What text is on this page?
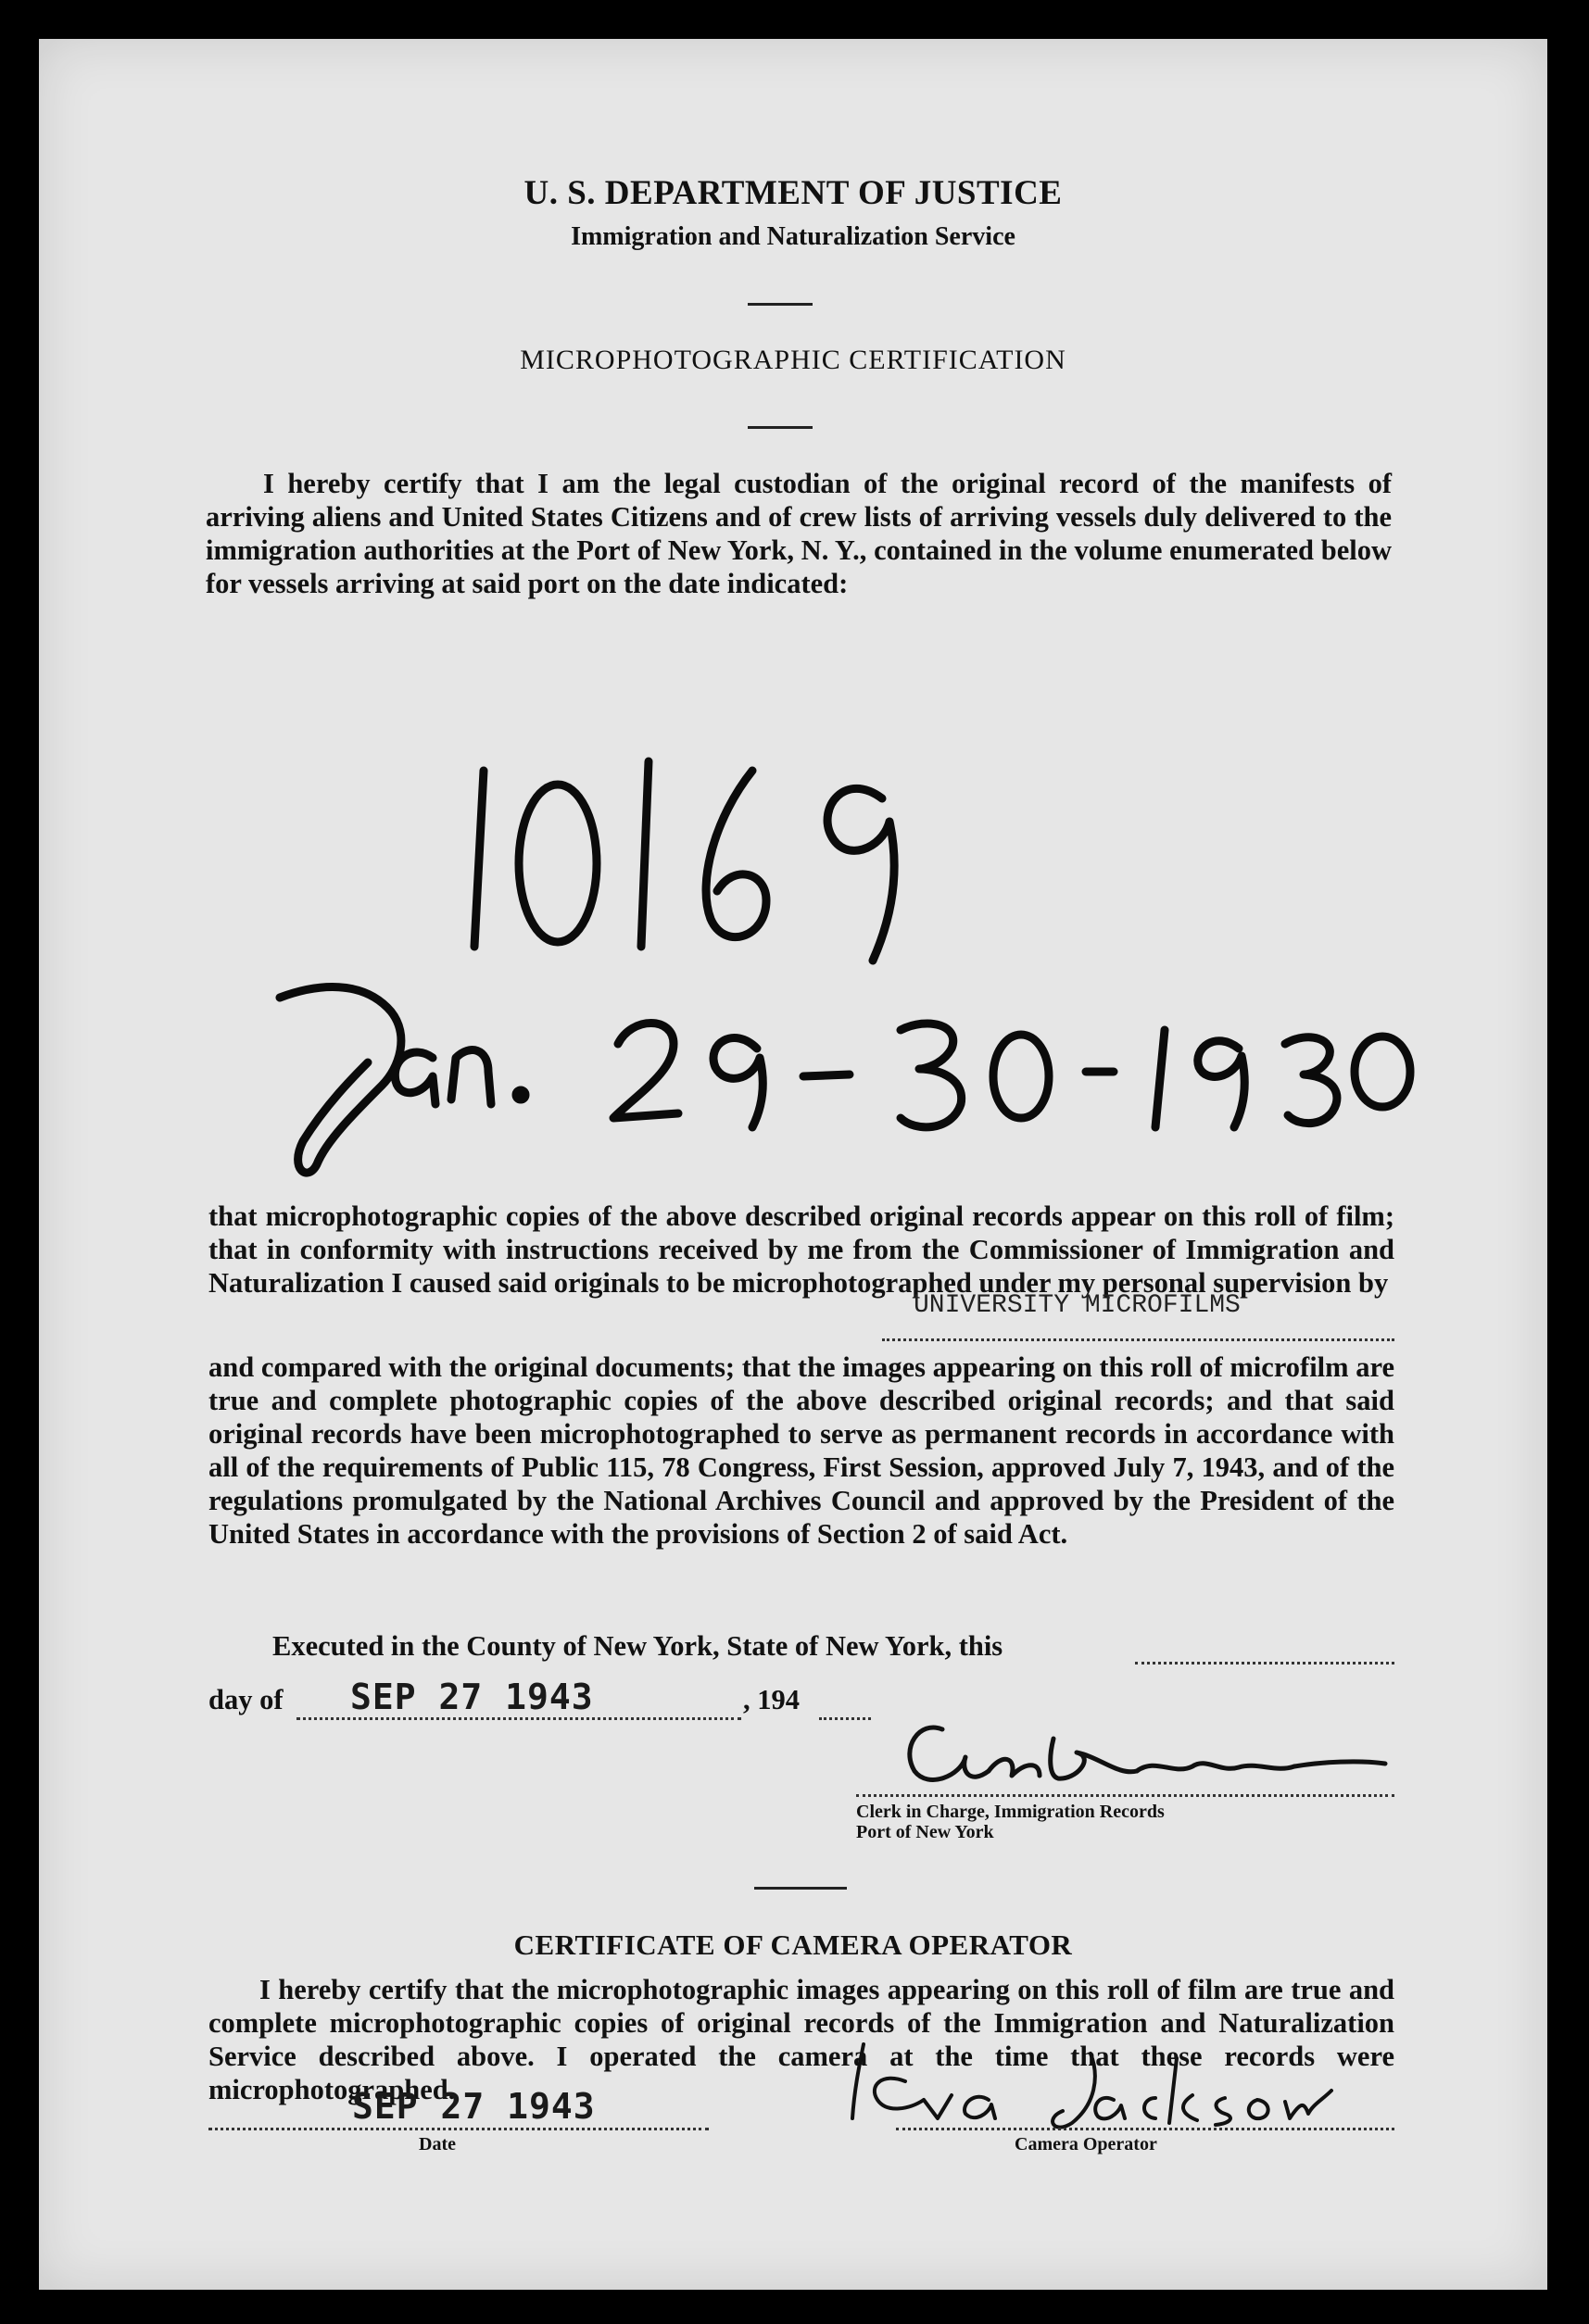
U. S. DEPARTMENT OF JUSTICE
Immigration and Naturalization Service
MICROPHOTOGRAPHIC CERTIFICATION
I hereby certify that I am the legal custodian of the original record of the manifests of arriving aliens and United States Citizens and of crew lists of arriving vessels duly delivered to the immigration authorities at the Port of New York, N. Y., contained in the volume enumerated below for vessels arriving at said port on the date indicated:
that microphotographic copies of the above described original records appear on this roll of film; that in conformity with instructions received by me from the Commissioner of Immigration and Naturalization I caused said originals to be microphotographed under my personal supervision by
UNIVERSITY MICROFILMS
and compared with the original documents; that the images appearing on this roll of microfilm are true and complete photographic copies of the above described original records; and that said original records have been microphotographed to serve as permanent records in accordance with all of the requirements of Public 115, 78 Congress, First Session, approved July 7, 1943, and of the regulations promulgated by the National Archives Council and approved by the President of the United States in accordance with the provisions of Section 2 of said Act.
Executed in the County of New York, State of New York, this
day of SEP 27 1943	, 194
Clerk in Charge, Immigration Records
Port of New York
CERTIFICATE OF CAMERA OPERATOR
I hereby certify that the microphotographic images appearing on this roll of film are true and complete microphotographic copies of original records of the Immigration and Naturalization Service described above. I operated the camera at the time that these records were microphotographed.
SEP 27 1943
Date	Camera Operator
